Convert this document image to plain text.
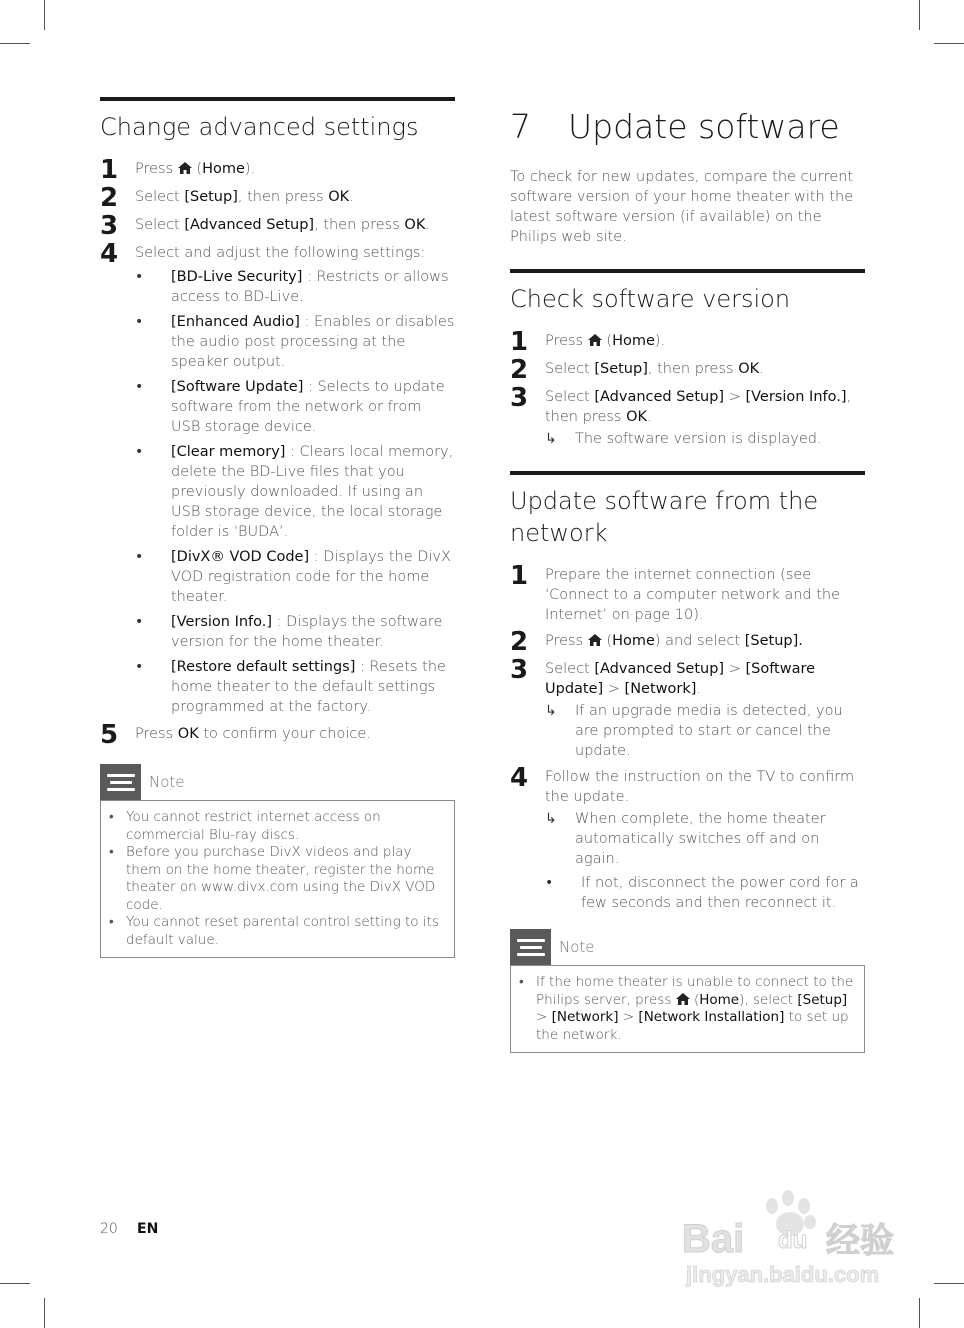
Change advanced settings
1	Press (Home).
2	Select [Setup], then press OK.
3	Select [Advanced Setup], then press OK.
4	Select and adjust the following settings:
•	[BD-Live Security] : Restricts or allows access to BD-Live.
•	[Enhanced Audio] : Enables or disables the audio post processing at the speaker output.
•	[Software Update] : Selects to update software from the network or from USB storage device.
•	[Clear memory] : Clears local memory, delete the BD-Live files that you previously downloaded. If using an USB storage device, the local storage folder is ‘BUDA’.
•	[DivX® VOD Code] : Displays the DivX VOD registration code for the home theater.
•	[Version Info.] : Displays the software version for the home theater.
•	[Restore default settings] : Resets the home theater to the default settings programmed at the factory.
5	Press OK to confirm your choice.
Note
• You cannot restrict internet access on commercial Blu-ray discs.
• Before you purchase DivX videos and play them on the home theater, register the home theater on www.divx.com using the DivX VOD code.
• You cannot reset parental control setting to its default value.
7	Update software

To check for new updates, compare the current software version of your home theater with the latest software version (if available) on the Philips web site.

Check software version
1	Press (Home).
2	Select [Setup], then press OK.
3	Select [Advanced Setup] > [Version Info.], then press OK.
↳	The software version is displayed.
Update software from the network
1	Prepare the internet connection (see ‘Connect to a computer network and the Internet’ on page 10).
2	Press (Home) and select [Setup].
3	Select [Advanced Setup] > [Software Update] > [Network].
↳	If an upgrade media is detected, you are prompted to start or cancel the update.
4	Follow the instruction on the TV to confirm the update.
↳	When complete, the home theater automatically switches off and on again.
•	If not, disconnect the power cord for a few seconds and then reconnect it.
Note
• If the home theater is unable to connect to the Philips server, press (Home), select [Setup] > [Network] > [Network Installation] to set up the network.
20 EN	Bai du 经验
jingyan.baidu.com
